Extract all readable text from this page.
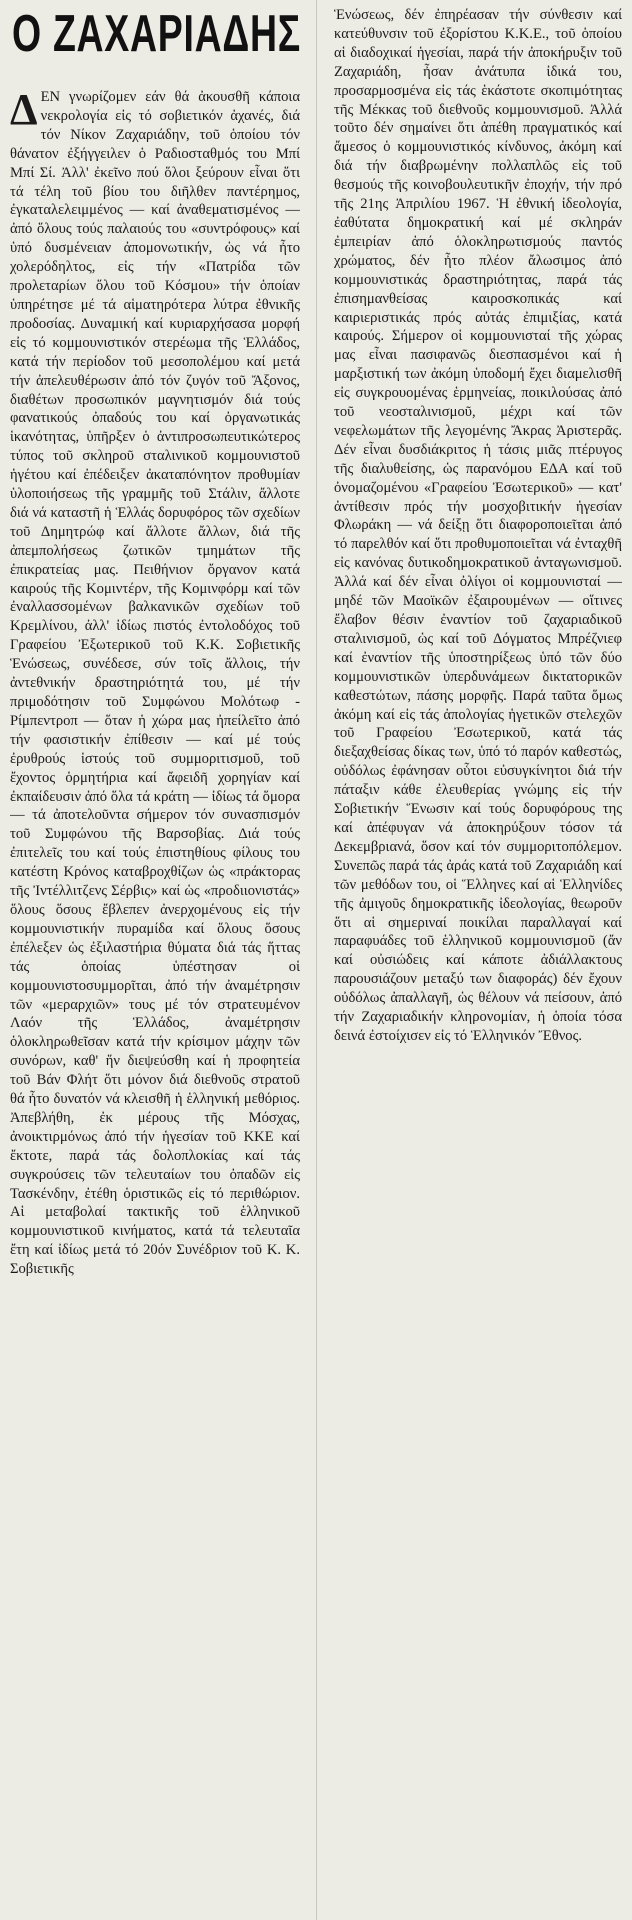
Ο ΖΑΧΑΡΙΑΔΗΣ

ΔΕΝ γνωρίζομεν εάν θά ἀκουσθῆ κάποια νεκρολογία εἰς τό σοβιετικόν ἀχανές, διά τόν Νίκον Ζαχαριάδην, τοῦ ὁποίου τόν θάνατον ἐξήγγειλεν ὁ Ραδιοσταθμός του Μπί Μπί Σί. Ἀλλ' ἐκεῖνο πού ὅλοι ξεύρουν εἶναι ὅτι τά τέλη τοῦ βίου του διῆλθεν παντέρημος, ἐγκαταλελειμμένος — καί ἀναθεματισμένος — ἀπό ὅλους τούς παλαιούς του «συντρόφους» καί ὑπό δυσμένειαν ἀπομονωτικήν, ὡς νά ἦτο χολερόδηλτος, εἰς τήν «Πατρίδα τῶν προλεταρίων ὅλου τοῦ Κόσμου» τήν ὁποίαν ὑπηρέτησε μέ τά αἱματηρότερα λύτρα ἐθνικῆς προδοσίας. Δυναμική καί κυριαρχήσασα μορφή εἰς τό κομμουνιστικόν στερέωμα τῆς Ἑλλάδος, κατά τήν περίοδον τοῦ μεσοπολέμου καί μετά τήν ἀπελευθέρωσιν ἀπό τόν ζυγόν τοῦ Ἄξονος, διαθέτων προσωπικόν μαγνητισμόν διά τούς φανατικούς ὀπαδούς του καί ὀργανωτικάς ἱκανότητας, ὑπῆρξεν ὁ ἀντιπροσωπευτικώτερος τύπος τοῦ σκληροῦ σταλινικοῦ κομμουνιστοῦ ἡγέτου καί ἐπέδειξεν ἀκαταπόνητον προθυμίαν ὑλοποιήσεως τῆς γραμμῆς τοῦ Στάλιν, ἄλλοτε διά νά καταστῆ ἡ Ἑλλάς δορυφόρος τῶν σχεδίων τοῦ Δημητρώφ καί ἄλλοτε ἄλλων, διά τῆς ἀπεμπολήσεως ζωτικῶν τμημάτων τῆς ἐπικρατείας μας. Πειθήνιον ὄργανον κατά καιρούς τῆς Κομιντέρν, τῆς Κομινφόρμ καί τῶν ἐναλλασσομένων βαλκανικῶν σχεδίων τοῦ Κρεμλίνου, ἀλλ' ἰδίως πιστός ἐντολοδόχος τοῦ Γραφείου Ἐξωτερικοῦ τοῦ Κ.Κ. Σοβιετικῆς Ἑνώσεως, συνέδεσε, σύν τοῖς ἄλλοις, τήν ἀντεθνικήν δραστηριότητά του, μέ τήν πριμοδότησιν τοῦ Συμφώνου Μολότωφ - Ρίμπεντροπ — ὅταν ἡ χώρα μας ἠπείλεῖτο ἀπό τήν φασιστικήν ἐπίθεσιν — καί μέ τούς ἐρυθρούς ἱστούς τοῦ συμμοριτισμοῦ, τοῦ ἔχοντος ὁρμητήρια καί ἄφειδῆ χορηγίαν καί ἐκπαίδευσιν ἀπό ὅλα τά κράτη — ἰδίως τά ὅμορα — τά ἀποτελοῦντα σήμερον τόν συνασπισμόν τοῦ Συμφώνου τῆς Βαρσοβίας. Διά τούς ἐπιτελεῖς του καί τούς ἐπιστηθίους φίλους του κατέστη Κρόνος καταβροχθίζων ὡς «πράκτορας τῆς Ἰντέλλιτζενς Σέρβις» καί ὡς «προδιιονιστάς» ὅλους ὅσους ἔβλεπεν ἀνερχομένους εἰς τήν κομμουνιστικήν πυραμίδα καί ὅλους ὅσους ἐπέλεξεν ὡς ἐξιλαστήρια θύματα διά τάς ἥττας τάς ὁποίας ὑπέστησαν οἱ κομμουνιστοσυμμορῖται, ἀπό τήν ἀναμέτρησιν τῶν «μεραρχιῶν» τους μέ τόν στρατευμένον Λαόν τῆς Ἑλλάδος, ἀναμέτρησιν ὁλοκληρωθεῖσαν κατά τήν κρίσιμον μάχην τῶν συνόρων, καθ' ἥν διεψεύσθη καί ἡ προφητεία τοῦ Βάν Φλήτ ὅτι μόνον διά διεθνοῦς στρατοῦ θά ἦτο δυνατόν νά κλεισθῆ ἡ ἑλληνική μεθόριος. Ἀπεβλήθη, ἐκ μέρους τῆς Μόσχας, ἀνοικτιρμόνως ἀπό τήν ἡγεσίαν τοῦ ΚΚΕ καί ἔκτοτε, παρά τάς δολοπλοκίας καί τάς συγκρούσεις τῶν τελευταίων του ὀπαδῶν εἰς Τασκένδην, ἐτέθη ὁριστικῶς εἰς τό περιθώριον. Αἱ μεταβολαί τακτικῆς τοῦ ἑλληνικοῦ κομμουνιστικοῦ κινήματος, κατά τά τελευταῖα ἔτη καί ἰδίως μετά τό 20όν Συνέδριον τοῦ Κ. Κ. Σοβιετικῆς

Ἑνώσεως, δέν ἐπηρέασαν τήν σύνθεσιν καί κατεύθυνσιν τοῦ ἐξορίστου Κ.Κ.Ε., τοῦ ὁποίου αἱ διαδοχικαί ἡγεσίαι, παρά τήν ἀποκήρυξιν τοῦ Ζαχαριάδη, ἦσαν ἀνάτυπα ἰδικά του, προσαρμοσμένα εἰς τάς ἑκάστοτε σκοπιμότητας τῆς Μέκκας τοῦ διεθνοῦς κομμουνισμοῦ. Ἀλλά τοῦτο δέν σημαίνει ὅτι ἀπέθη πραγματικός καί ἄμεσος ὁ κομμουνιστικός κίνδυνος, ἀκόμη καί διά τήν διαβρωμένην πολλαπλῶς εἰς τοῦ θεσμούς τῆς κοινοβουλευτικῆν ἐποχήν, τήν πρό τῆς 21ης Ἀπριλίου 1967. Ἡ ἐθνική ἰδεολογία, ἐαθύτατα δημοκρατική καί μέ σκληράν ἐμπειρίαν ἀπό ὁλοκληρωτισμούς παντός χρώματος, δέν ἦτο πλέον ἄλωσιμος ἀπό κομμουνιστικάς δραστηριότητας, παρά τάς ἐπισημανθείσας καιροσκοπικάς καί καιριεριστικάς πρός αὐτάς ἐπιμιξίας, κατά καιρούς. Σήμερον οἱ κομμουνισταί τῆς χώρας μας εἶναι πασιφανῶς διεσπασμένοι καί ἡ μαρξιστική των ἀκόμη ὑποδομή ἔχει διαμελισθῆ εἰς συγκρουομένας ἑρμηνείας, ποικιλούσας ἀπό τοῦ νεοσταλινισμοῦ, μέχρι καί τῶν νεφελωμάτων τῆς λεγομένης Ἄκρας Ἀριστερᾶς. Δέν εἶναι δυσδιάκριτος ἡ τάσις μιᾶς πτέρυγος τῆς διαλυθείσης, ὡς παρανόμου ΕΔΑ καί τοῦ ὀνομαζομένου «Γραφείου Ἐσωτερικοῦ» — κατ' ἀντίθεσιν πρός τήν μοσχοβιτικήν ἡγεσίαν Φλωράκη — νά δείξῃ ὅτι διαφοροποιεῖται ἀπό τό παρελθόν καί ὅτι προθυμοποιεῖται νά ἐνταχθῆ εἰς κανόνας δυτικοδημοκρατικοῦ ἀνταγωνισμοῦ. Ἀλλά καί δέν εἶναι ὀλίγοι οἱ κομμουνισταί — μηδέ τῶν Μαοϊκῶν ἐξαιρουμένων — οἵτινες ἔλαβον θέσιν ἐναντίον τοῦ ζαχαριαδικοῦ σταλινισμοῦ, ὡς καί τοῦ Δόγματος Μπρέζνιεφ καί ἐναντίον τῆς ὑποστηρίξεως ὑπό τῶν δύο κομμουνιστικῶν ὑπερδυνάμεων δικτατορικῶν καθεστώτων, πάσης μορφῆς. Παρά ταῦτα ὅμως ἀκόμη καί εἰς τάς ἀπολογίας ἡγετικῶν στελεχῶν τοῦ Γραφείου Ἐσωτερικοῦ, κατά τάς διεξαχθείσας δίκας των, ὑπό τό παρόν καθεστώς, οὐδόλως ἐφάνησαν οὗτοι εὐσυγκίνητοι διά τήν πάταξιν κάθε ἐλευθερίας γνώμης εἰς τήν Σοβιετικήν Ἕνωσιν καί τούς δορυφόρους της καί ἀπέφυγαν νά ἀποκηρύξουν τόσον τά Δεκεμβριανά, ὅσον καί τόν συμμοριτοπόλεμον. Συνεπῶς παρά τάς ἀράς κατά τοῦ Ζαχαριάδη καί τῶν μεθόδων του, οἱ Ἕλληνες καί αἱ Ἑλληνίδες τῆς ἀμιγοῦς δημοκρατικῆς ἰδεολογίας, θεωροῦν ὅτι αἱ σημεριναί ποικίλαι παραλλαγαί καί παραφυάδες τοῦ ἑλληνικοῦ κομμουνισμοῦ (ἄν καί οὐσιώδεις καί κάποτε ἀδιάλλακτους παρουσιάζουν μεταξύ των διαφοράς) δέν ἔχουν οὐδόλως ἀπαλλαγῆ, ὡς θέλουν νά πείσουν, ἀπό τήν Ζαχαριαδικήν κληρονομίαν, ἡ ὁποία τόσα δεινά ἐστοίχισεν εἰς τό Ἑλληνικόν Ἔθνος.
